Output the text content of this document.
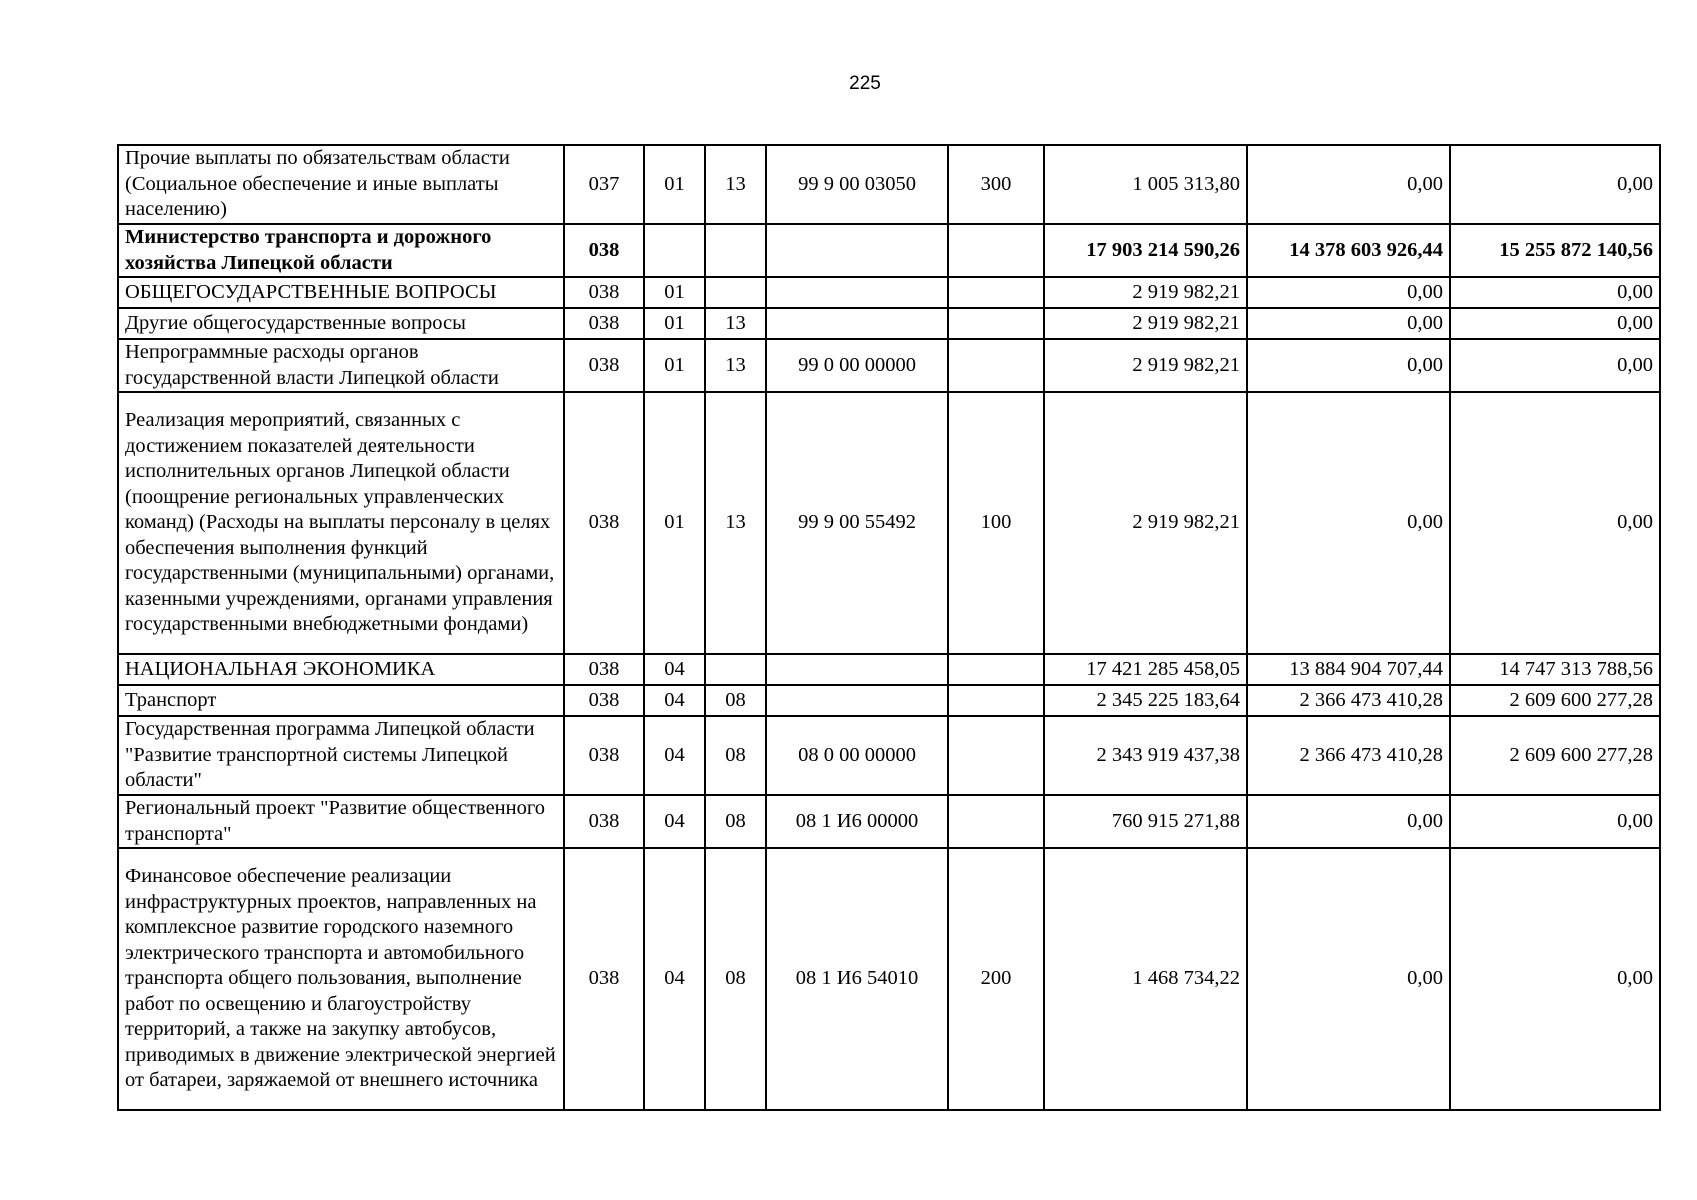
225
Прочие выплаты по обязательствам области (Социальное обеспечение и иные выплаты населению)	037	01	13	99 9 00 03050	300	1 005 313,80	0,00	0,00
Министерство транспорта и дорожного хозяйства Липецкой области	038					17 903 214 590,26	14 378 603 926,44	15 255 872 140,56
ОБЩЕГОСУДАРСТВЕННЫЕ ВОПРОСЫ	038	01				2 919 982,21	0,00	0,00
Другие общегосударственные вопросы	038	01	13			2 919 982,21	0,00	0,00
Непрограммные расходы органов государственной власти Липецкой области	038	01	13	99 0 00 00000		2 919 982,21	0,00	0,00
Реализация мероприятий, связанных с достижением показателей деятельности исполнительных органов Липецкой области (поощрение региональных управленческих команд) (Расходы на выплаты персоналу в целях обеспечения выполнения функций государственными (муниципальными) органами, казенными учреждениями, органами управления государственными внебюджетными фондами)	038	01	13	99 9 00 55492	100	2 919 982,21	0,00	0,00
НАЦИОНАЛЬНАЯ ЭКОНОМИКА	038	04				17 421 285 458,05	13 884 904 707,44	14 747 313 788,56
Транспорт	038	04	08			2 345 225 183,64	2 366 473 410,28	2 609 600 277,28
Государственная программа Липецкой области "Развитие транспортной системы Липецкой области"	038	04	08	08 0 00 00000		2 343 919 437,38	2 366 473 410,28	2 609 600 277,28
Региональный проект "Развитие общественного транспорта"	038	04	08	08 1 И6 00000		760 915 271,88	0,00	0,00
Финансовое обеспечение реализации инфраструктурных проектов, направленных на комплексное развитие городского наземного электрического транспорта и автомобильного транспорта общего пользования, выполнение работ по освещению и благоустройству территорий, а также на закупку автобусов, приводимых в движение электрической энергией от батареи, заряжаемой от внешнего источника	038	04	08	08 1 И6 54010	200	1 468 734,22	0,00	0,00
